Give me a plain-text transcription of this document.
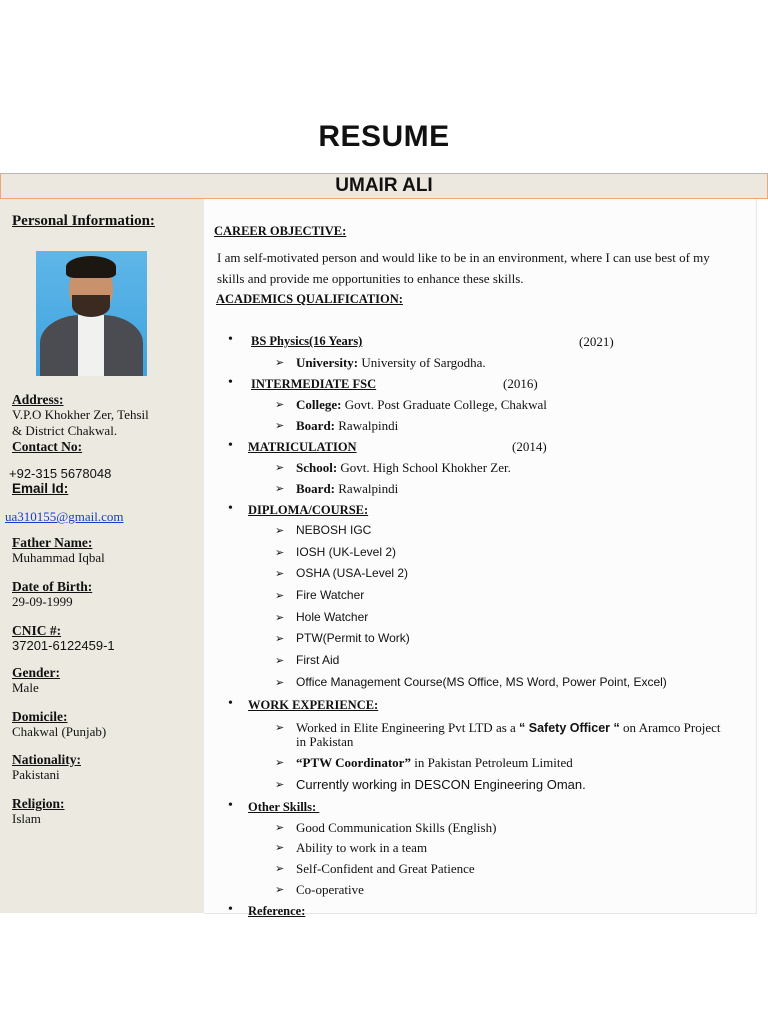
RESUME
UMAIR ALI
Personal Information:
Address:
V.P.O Khokher Zer, Tehsil
& District Chakwal.
Contact No:
+92-315 5678048
Email Id:
ua310155@gmail.com
Father Name:
Muhammad Iqbal
Date of Birth:
29-09-1999
CNIC #:
37201-6122459-1
Gender:
Male
Domicile:
Chakwal (Punjab)
Nationality:
Pakistani
Religion:
Islam
CAREER OBJECTIVE:
I am self-motivated person and would like to be in an environment, where I can use best of my
skills and provide me opportunities to enhance these skills.
ACADEMICS QUALIFICATION:
• BS Physics(16 Years)	(2021)
➢ University: University of Sargodha.
• INTERMEDIATE FSC	(2016)
➢ College: Govt. Post Graduate College, Chakwal
➢ Board: Rawalpindi
• MATRICULATION	(2014)
➢ School: Govt. High School Khokher Zer.
➢ Board: Rawalpindi
• DIPLOMA/COURSE:
➢ NEBOSH IGC
➢ IOSH (UK-Level 2)
➢ OSHA (USA-Level 2)
➢ Fire Watcher
➢ Hole Watcher
➢ PTW(Permit to Work)
➢ First Aid
➢ Office Management Course(MS Office, MS Word, Power Point, Excel)
• WORK EXPERIENCE:
➢ Worked in Elite Engineering Pvt LTD as a “ Safety Officer “ on Aramco Project
in Pakistan
➢ “PTW Coordinator” in Pakistan Petroleum Limited
➢ Currently working in DESCON Engineering Oman.
• Other Skills:
➢ Good Communication Skills (English)
➢ Ability to work in a team
➢ Self-Confident and Great Patience
➢ Co-operative
• Reference:
